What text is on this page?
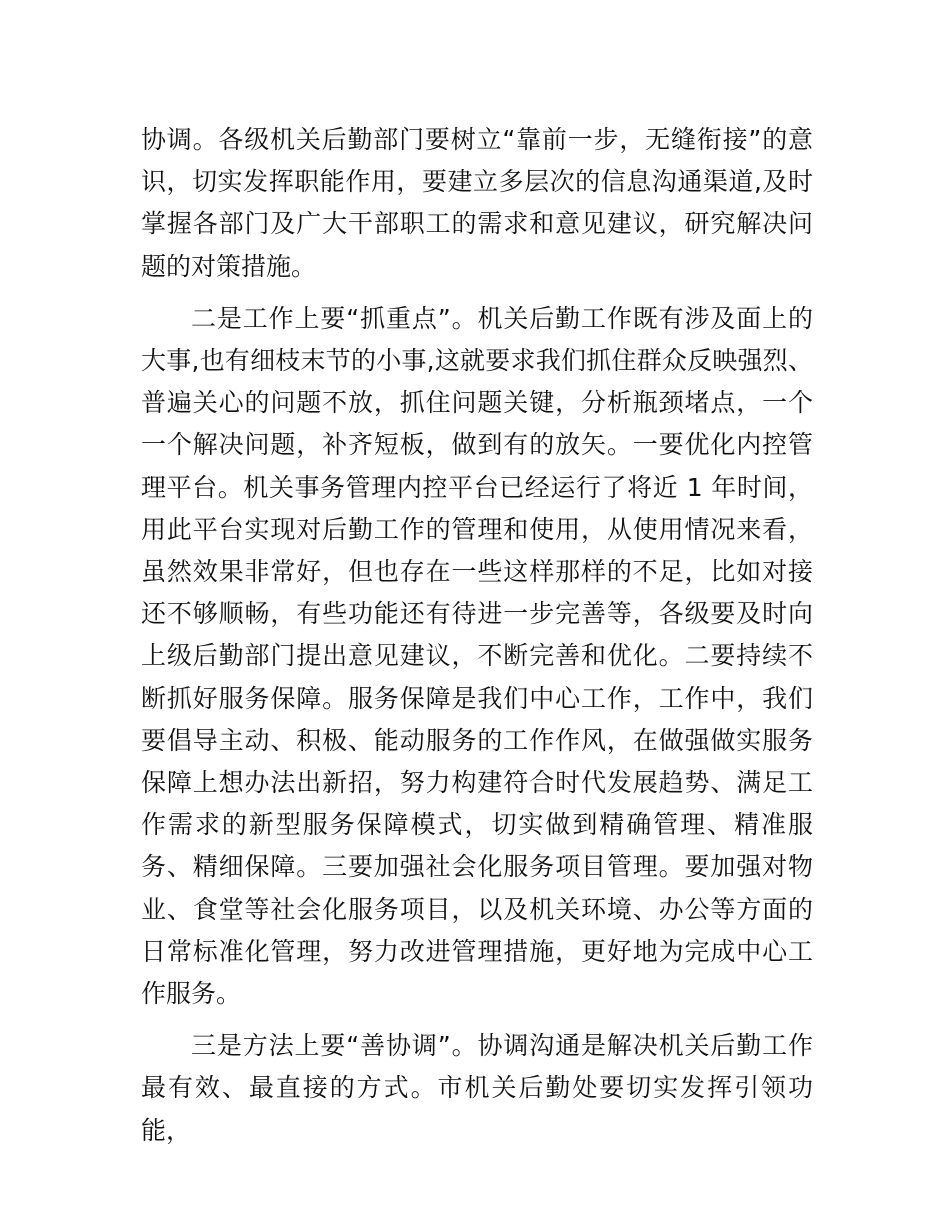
协调。各级机关后勤部门要树立“靠前一步，无缝衔接”的意识，切实发挥职能作用，要建立多层次的信息沟通渠道,及时掌握各部门及广大干部职工的需求和意见建议，研究解决问题的对策措施。

二是工作上要“抓重点”。机关后勤工作既有涉及面上的大事,也有细枝末节的小事,这就要求我们抓住群众反映强烈、普遍关心的问题不放，抓住问题关键，分析瓶颈堵点，一个一个解决问题，补齐短板，做到有的放矢。一要优化内控管理平台。机关事务管理内控平台已经运行了将近 1 年时间，用此平台实现对后勤工作的管理和使用，从使用情况来看，虽然效果非常好，但也存在一些这样那样的不足，比如对接还不够顺畅，有些功能还有待进一步完善等，各级要及时向上级后勤部门提出意见建议，不断完善和优化。二要持续不断抓好服务保障。服务保障是我们中心工作，工作中，我们要倡导主动、积极、能动服务的工作作风，在做强做实服务保障上想办法出新招，努力构建符合时代发展趋势、满足工作需求的新型服务保障模式，切实做到精确管理、精准服务、精细保障。三要加强社会化服务项目管理。要加强对物业、食堂等社会化服务项目，以及机关环境、办公等方面的日常标准化管理，努力改进管理措施，更好地为完成中心工作服务。

三是方法上要“善协调”。协调沟通是解决机关后勤工作最有效、最直接的方式。市机关后勤处要切实发挥引领功能，
